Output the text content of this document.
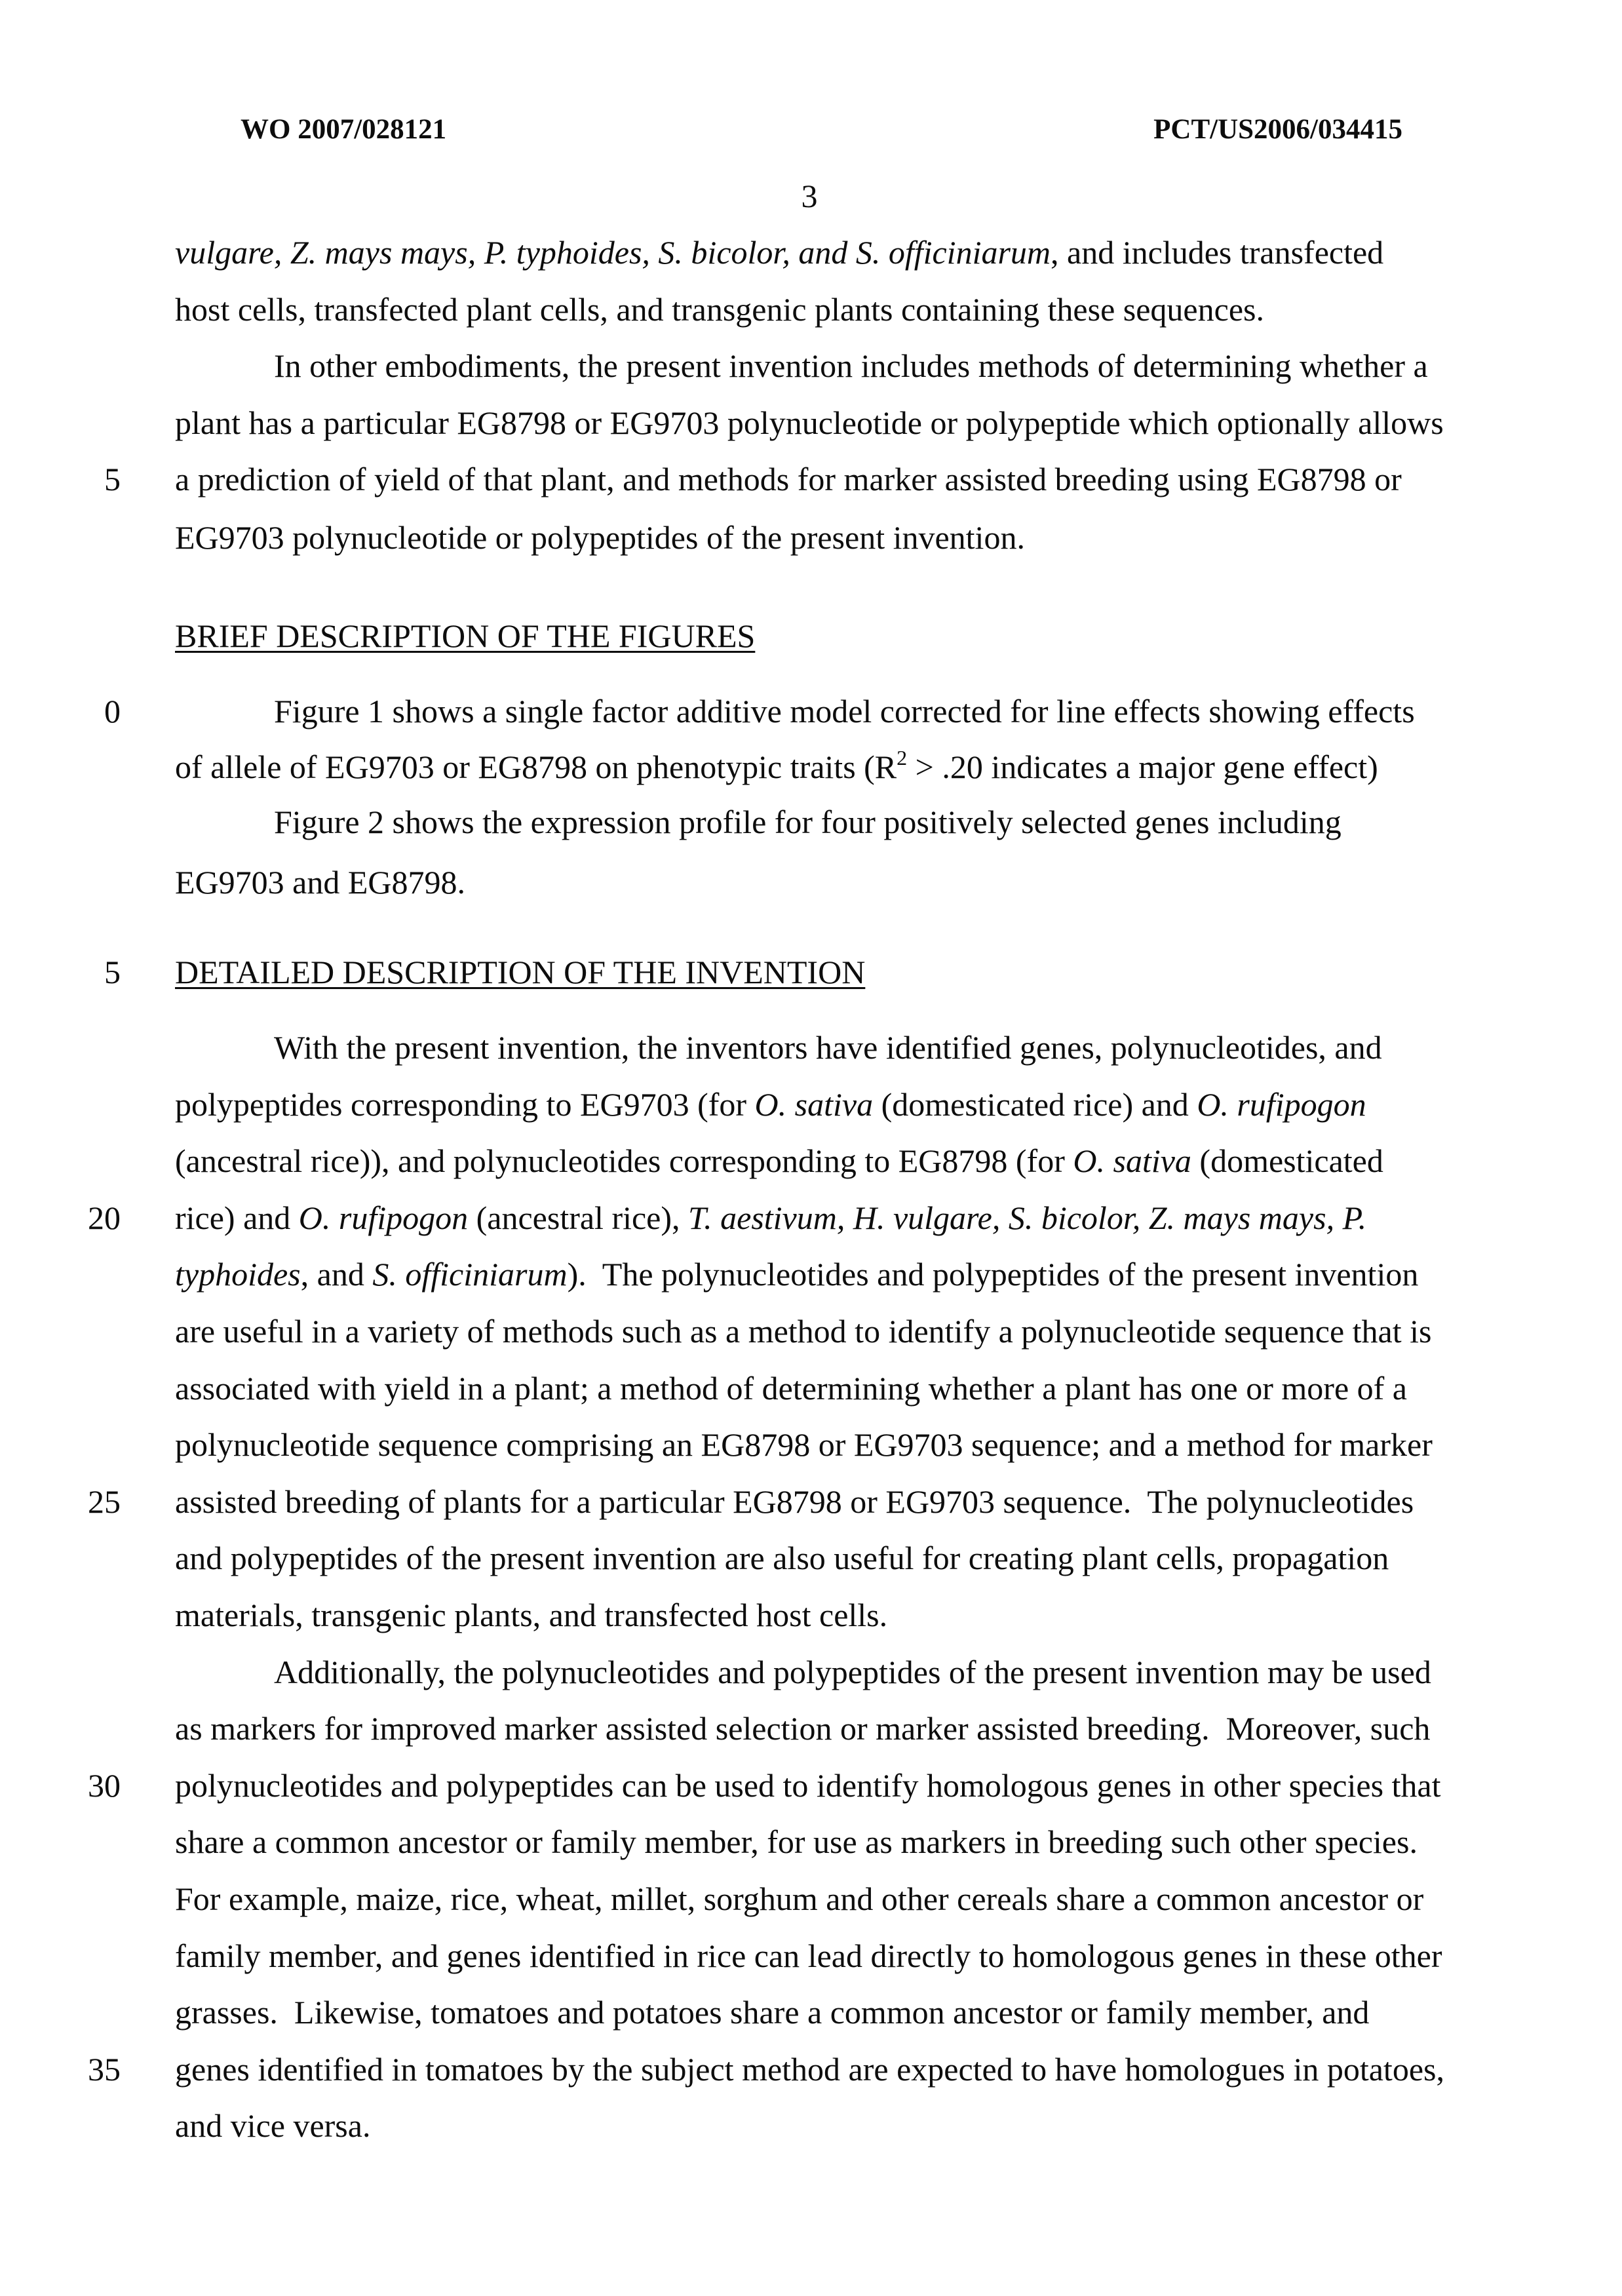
WO 2007/028121	PCT/US2006/034415
3
5
0
5
20
25
30
35
vulgare, Z. mays mays, P. typhoides, S. bicolor, and S. officiniarum, and includes transfected
host cells, transfected plant cells, and transgenic plants containing these sequences.
In other embodiments, the present invention includes methods of determining whether a
plant has a particular EG8798 or EG9703 polynucleotide or polypeptide which optionally allows
a prediction of yield of that plant, and methods for marker assisted breeding using EG8798 or
EG9703 polynucleotide or polypeptides of the present invention.
BRIEF DESCRIPTION OF THE FIGURES
Figure 1 shows a single factor additive model corrected for line effects showing effects
of allele of EG9703 or EG8798 on phenotypic traits ($R^2 > .20$ indicates a major gene effect)
Figure 2 shows the expression profile for four positively selected genes including
EG9703 and EG8798.
DETAILED DESCRIPTION OF THE INVENTION
With the present invention, the inventors have identified genes, polynucleotides, and
polypeptides corresponding to EG9703 (for O. sativa (domesticated rice) and O. rufipogon
(ancestral rice)), and polynucleotides corresponding to EG8798 (for O. sativa (domesticated
rice) and O. rufipogon (ancestral rice), T. aestivum, H. vulgare, S. bicolor, Z. mays mays, P.
typhoides, and S. officiniarum).  The polynucleotides and polypeptides of the present invention
are useful in a variety of methods such as a method to identify a polynucleotide sequence that is
associated with yield in a plant; a method of determining whether a plant has one or more of a
polynucleotide sequence comprising an EG8798 or EG9703 sequence; and a method for marker
assisted breeding of plants for a particular EG8798 or EG9703 sequence.  The polynucleotides
and polypeptides of the present invention are also useful for creating plant cells, propagation
materials, transgenic plants, and transfected host cells.
Additionally, the polynucleotides and polypeptides of the present invention may be used
as markers for improved marker assisted selection or marker assisted breeding.  Moreover, such
polynucleotides and polypeptides can be used to identify homologous genes in other species that
share a common ancestor or family member, for use as markers in breeding such other species.
For example, maize, rice, wheat, millet, sorghum and other cereals share a common ancestor or
family member, and genes identified in rice can lead directly to homologous genes in these other
grasses.  Likewise, tomatoes and potatoes share a common ancestor or family member, and
genes identified in tomatoes by the subject method are expected to have homologues in potatoes,
and vice versa.
